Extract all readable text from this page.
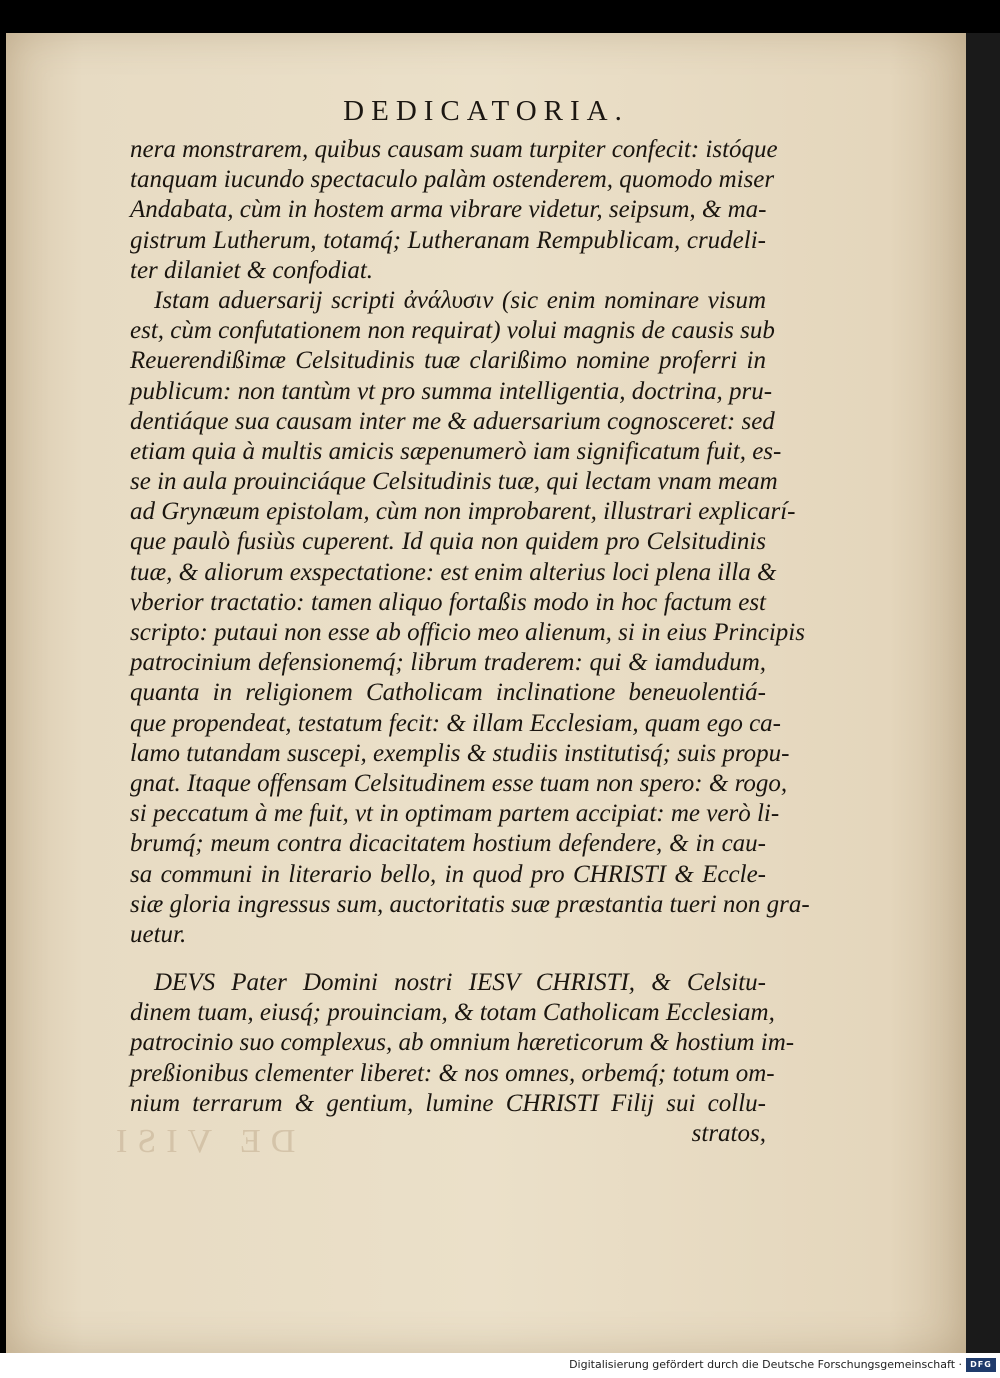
DE VISI
DEDICATORIA.
nera monstrarem, quibus causam suam turpiter confecit: istóque
tanquam iucundo spectaculo palàm ostenderem, quomodo miser
Andabata, cùm in hostem arma vibrare videtur, seipsum, & ma-
gistrum Lutherum, totamq́; Lutheranam Rempublicam, crudeli-
ter dilaniet & confodiat.
Istam aduersarij scripti ἀνάλυσιν (sic enim nominare visum
est, cùm confutationem non requirat) volui magnis de causis sub
Reuerendißimæ Celsitudinis tuæ clarißimo nomine proferri in
publicum: non tantùm vt pro summa intelligentia, doctrina, pru-
dentiáque sua causam inter me & aduersarium cognosceret: sed
etiam quia à multis amicis sæpenumerò iam significatum fuit, es-
se in aula prouinciáque Celsitudinis tuæ, qui lectam vnam meam
ad Grynæum epistolam, cùm non improbarent, illustrari explicarí-
que paulò fusiùs cuperent. Id quia non quidem pro Celsitudinis
tuæ, & aliorum exspectatione: est enim alterius loci plena illa &
vberior tractatio: tamen aliquo fortaßis modo in hoc factum est
scripto: putaui non esse ab officio meo alienum, si in eius Principis
patrocinium defensionemq́; librum traderem: qui & iamdudum,
quanta in religionem Catholicam inclinatione beneuolentiá-
que propendeat, testatum fecit: & illam Ecclesiam, quam ego ca-
lamo tutandam suscepi, exemplis & studiis institutisq́; suis propu-
gnat. Itaque offensam Celsitudinem esse tuam non spero: & rogo,
si peccatum à me fuit, vt in optimam partem accipiat: me verò li-
brumq́; meum contra dicacitatem hostium defendere, & in cau-
sa communi in literario bello, in quod pro CHRISTI & Eccle-
siæ gloria ingressus sum, auctoritatis suæ præstantia tueri non gra-
uetur.
DEVS Pater Domini nostri IESV CHRISTI, & Celsitu-
dinem tuam, eiusq́; prouinciam, & totam Catholicam Ecclesiam,
patrocinio suo complexus, ab omnium hæreticorum & hostium im-
preßionibus clementer liberet: & nos omnes, orbemq́; totum om-
nium terrarum & gentium, lumine CHRISTI Filij sui collu-
stratos,
Digitalisierung gefördert durch die Deutsche Forschungsgemeinschaft ·	DFG
